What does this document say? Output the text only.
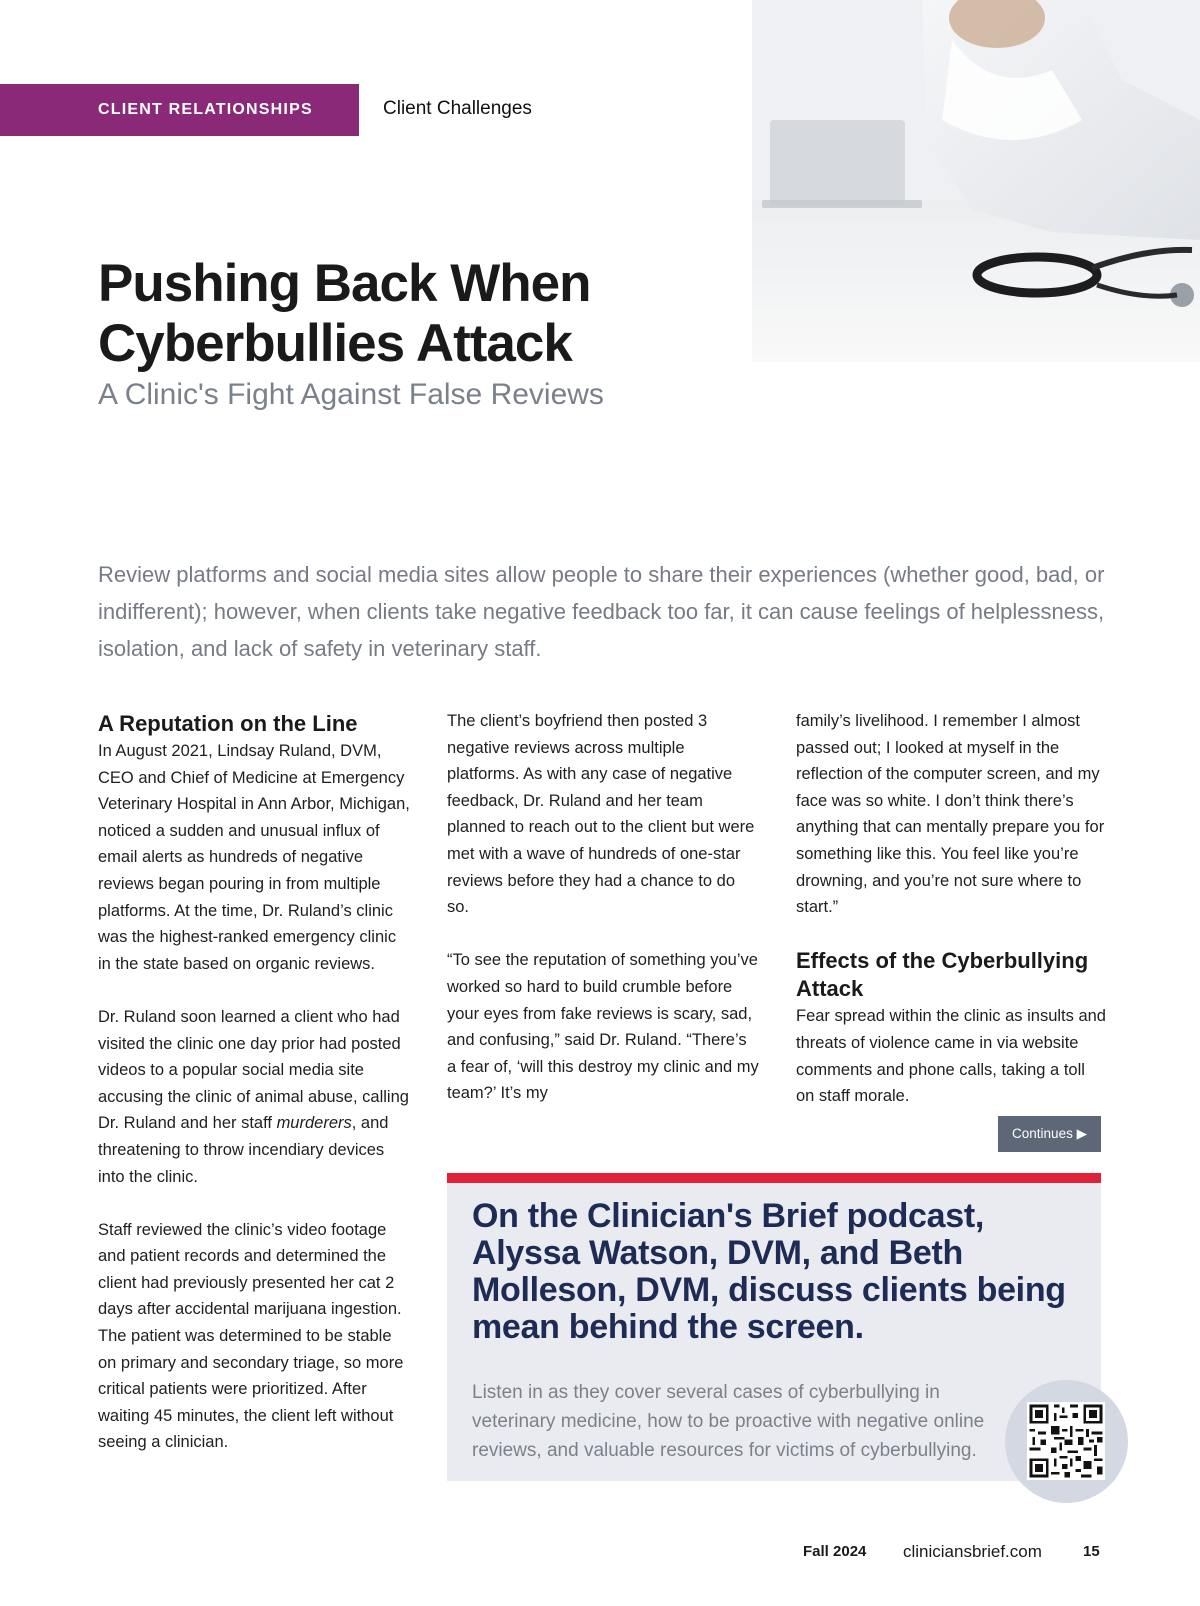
CLIENT RELATIONSHIPS	Client Challenges
Pushing Back When Cyberbullies Attack
A Clinic's Fight Against False Reviews
Review platforms and social media sites allow people to share their experiences (whether good, bad, or indifferent); however, when clients take negative feedback too far, it can cause feelings of helplessness, isolation, and lack of safety in veterinary staff.
A Reputation on the Line

In August 2021, Lindsay Ruland, DVM, CEO and Chief of Medicine at Emergency Veterinary Hospital in Ann Arbor, Michigan, noticed a sudden and unusual influx of email alerts as hundreds of negative reviews began pouring in from multiple platforms. At the time, Dr. Ruland’s clinic was the highest-ranked emergency clinic in the state based on organic reviews.

Dr. Ruland soon learned a client who had visited the clinic one day prior had posted videos to a popular social media site accusing the clinic of animal abuse, calling Dr. Ruland and her staff murderers, and threatening to throw incendiary devices into the clinic.

Staff reviewed the clinic’s video footage and patient records and determined the client had previously presented her cat 2 days after accidental marijuana ingestion. The patient was determined to be stable on primary and secondary triage, so more critical patients were prioritized. After waiting 45 minutes, the client left without seeing a clinician.

The client’s boyfriend then posted 3 negative reviews across multiple platforms. As with any case of negative feedback, Dr. Ruland and her team planned to reach out to the client but were met with a wave of hundreds of one-star reviews before they had a chance to do so.

“To see the reputation of something you’ve worked so hard to build crumble before your eyes from fake reviews is scary, sad, and confusing,” said Dr. Ruland. “There’s a fear of, ‘will this destroy my clinic and my team?’ It’s my

family’s livelihood. I remember I almost passed out; I looked at myself in the reflection of the computer screen, and my face was so white. I don’t think there’s anything that can mentally prepare you for something like this. You feel like you’re drowning, and you’re not sure where to start.”

Effects of the Cyberbullying Attack

Fear spread within the clinic as insults and threats of violence came in via website comments and phone calls, taking a toll on staff morale.

Continues ▶
On the Clinician's Brief podcast, Alyssa Watson, DVM, and Beth Molleson, DVM, discuss clients being mean behind the screen.
Listen in as they cover several cases of cyberbullying in veterinary medicine, how to be proactive with negative online reviews, and valuable resources for victims of cyberbullying.
Fall 2024 cliniciansbrief.com	15
